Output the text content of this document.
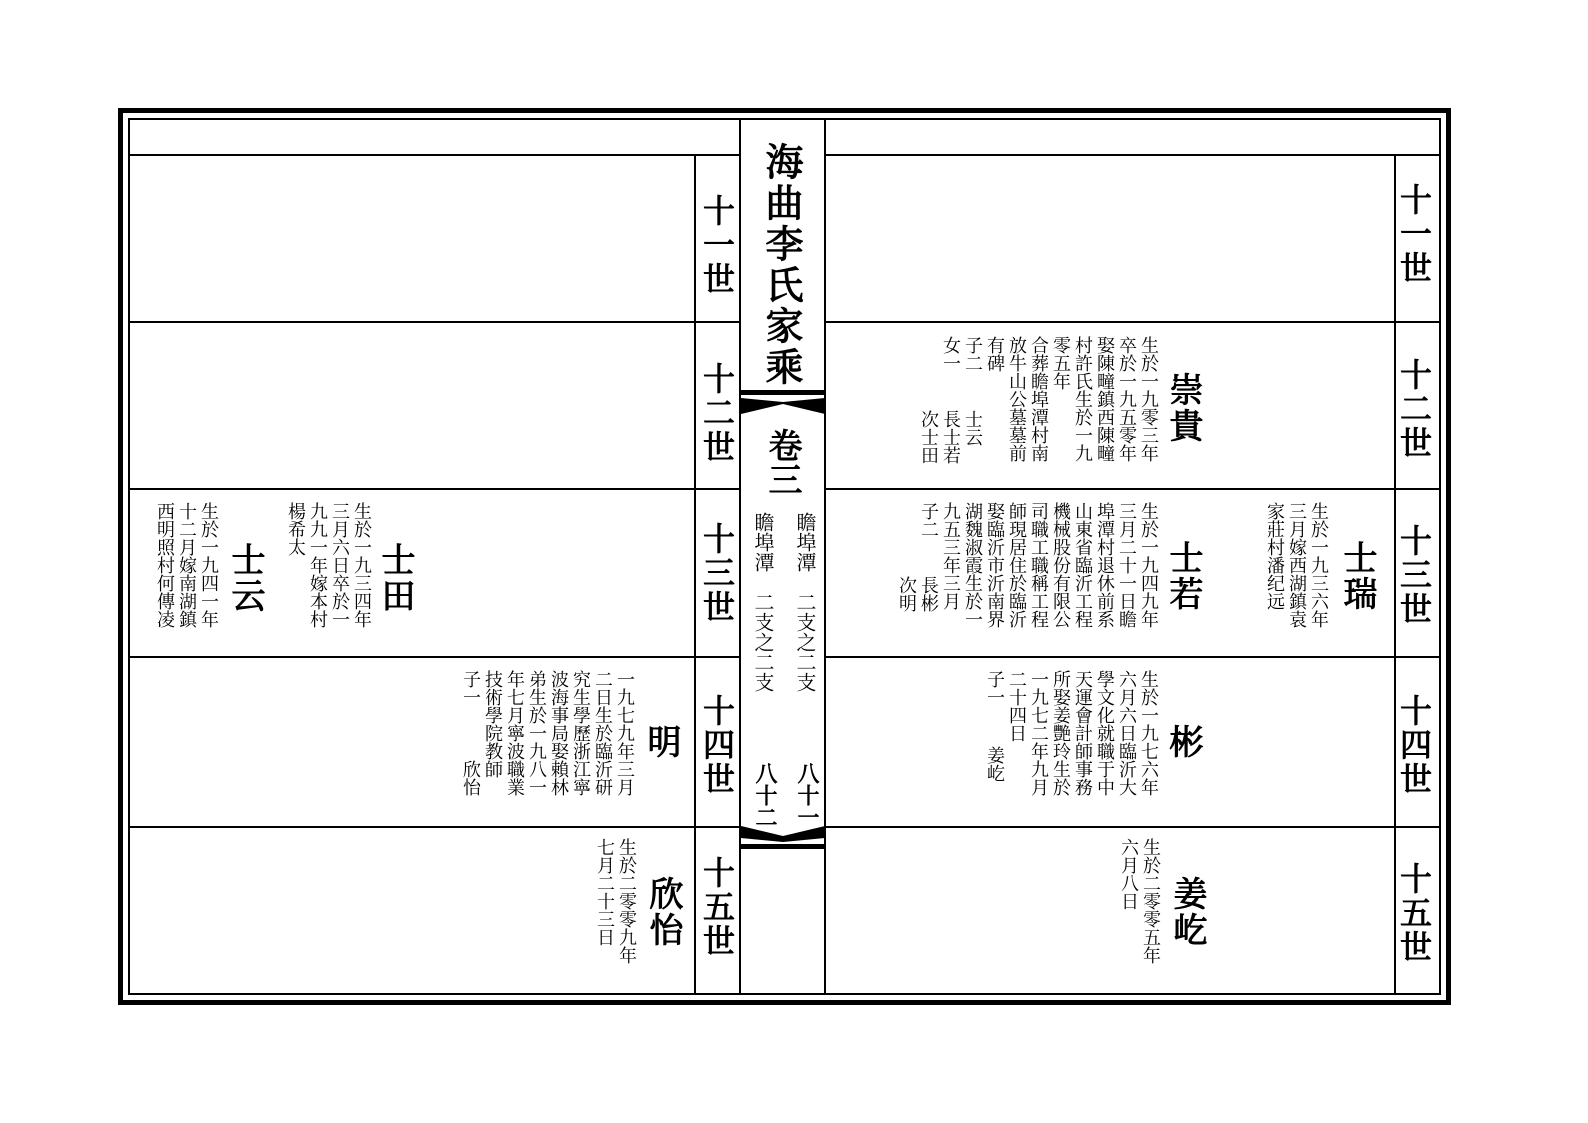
海曲李氏家乘
卷三
瞻埠潭　二支之二支
八十一
瞻埠潭　二支之二支
八十二
十一世
十二世
十三世
十四世
十五世
十一世
十二世
十三世
十四世
十五世
崇貴
生於一九零三年
卒於一九五零年
娶陳疃鎮西陳疃
村許氏生於一九
零五年
合葬瞻埠潭村南
放牛山公墓墓前
有碑
子二
女一
士云
長士若
次士田
士若
生於一九四九年
三月二十一日瞻
埠潭村退休前系
山東省臨沂工程
機械股份有限公
司職工職稱工程
師現居住於臨沂
娶臨沂市沂南界
湖魏淑霞生於一
九五三年三月
子二
長彬
次明	士瑞
生於一九三六年
三月嫁西湖鎮袁
家莊村潘纪远
彬
生於一九七六年
六月六日臨沂大
學文化就職于中
天運會計師事務
所娶姜艷玲生於
一九七二年九月
二十四日
子一
姜屹
姜屹
生於二零零五年
六月八日
士田
生於一九三四年
三月六日卒於一
九九一年嫁本村
楊希太
士云
生於一九四一年
十二月嫁南湖鎮
西明照村何傳凌
明
一九七九年三月
二日生於臨沂研
究生學歷浙江寧
波海事局娶賴林
弟生於一九八一
年七月寧波職業
技術學院教師
子一
欣怡
欣怡
生於二零零九年
七月二十三日
